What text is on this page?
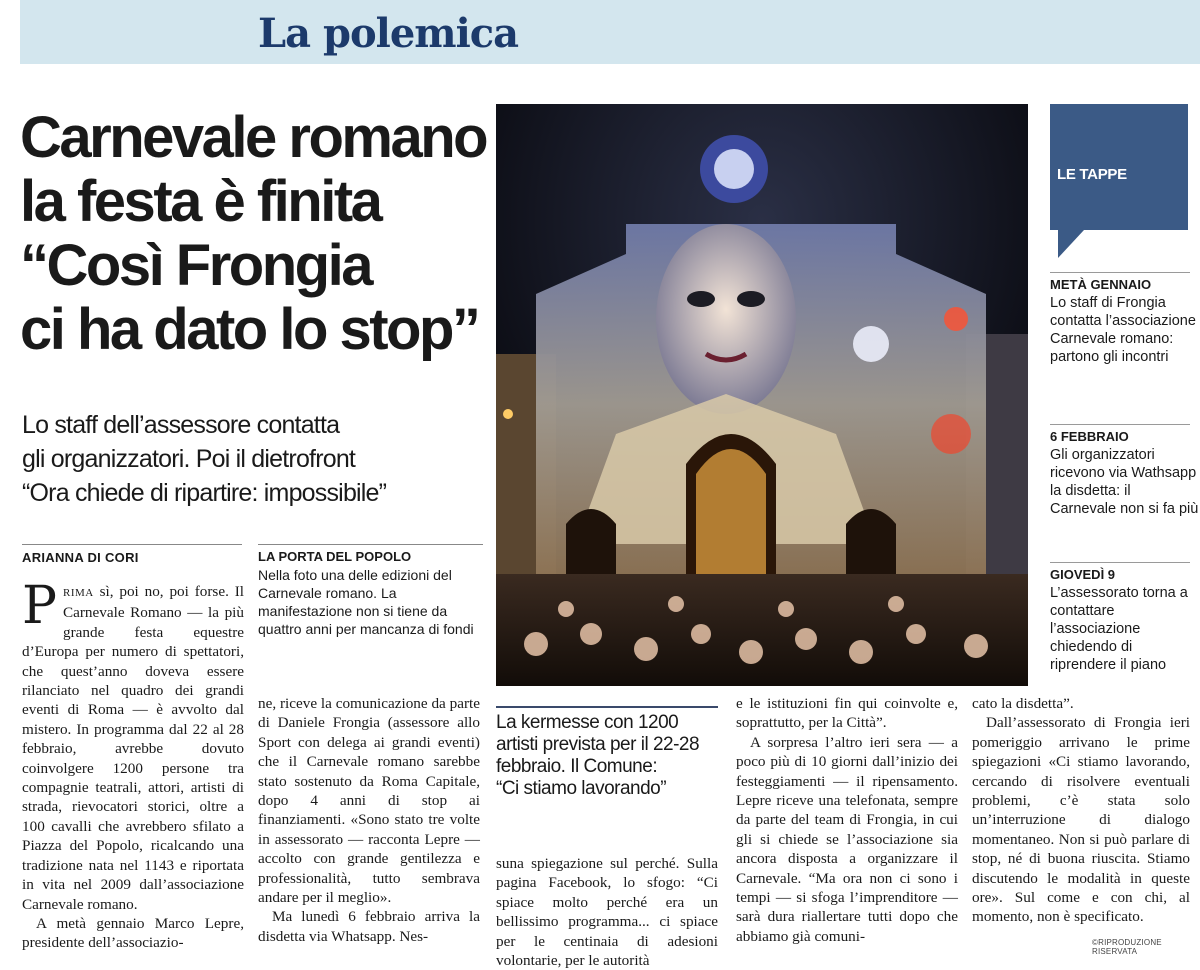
La polemica
Carnevale romano
la festa è finita
“Così Frongia
ci ha dato lo stop”
Lo staff dell’assessore contatta
gli organizzatori. Poi il dietrofront
“Ora chiede di ripartire: impossibile”
ARIANNA DI CORI

PRIMA sì, poi no, poi forse. Il Carnevale Romano — la più grande festa equestre d’Europa per numero di spettatori, che quest’anno doveva essere rilanciato nel quadro dei grandi eventi di Roma — è avvolto dal mistero. In programma dal 22 al 28 febbraio, avrebbe dovuto coinvolgere 1200 persone tra compagnie teatrali, attori, artisti di strada, rievocatori storici, oltre a 100 cavalli che avrebbero sfilato a Piazza del Popolo, ricalcando una tradizione nata nel 1143 e riportata in vita nel 2009 dall’associazione Carnevale romano.

A metà gennaio Marco Lepre, presidente dell’associazio-

LA PORTA DEL POPOLO
Nella foto una delle edizioni del Carnevale romano. La manifestazione non si tiene da quattro anni per mancanza di fondi

ne, riceve la comunicazione da parte di Daniele Frongia (assessore allo Sport con delega ai grandi eventi) che il Carnevale romano sarebbe stato sostenuto da Roma Capitale, dopo 4 anni di stop ai finanziamenti. «Sono stato tre volte in assessorato — racconta Lepre — accolto con grande gentilezza e professionalità, tutto sembrava andare per il meglio».

Ma lunedì 6 febbraio arriva la disdetta via Whatsapp. Nes-

La kermesse con 1200
artisti prevista per il 22-28
febbraio. Il Comune:
“Ci stiamo lavorando”

suna spiegazione sul perché. Sulla pagina Facebook, lo sfogo: “Ci spiace molto perché era un bellissimo programma... ci spiace per le centinaia di adesioni volontarie, per le autorità

e le istituzioni fin qui coinvolte e, soprattutto, per la Città”.

A sorpresa l’altro ieri sera — a poco più di 10 giorni dall’inizio dei festeggiamenti — il ripensamento. Lepre riceve una telefonata, sempre da parte del team di Frongia, in cui gli si chiede se l’associazione sia ancora disposta a organizzare il Carnevale. “Ma ora non ci sono i tempi — si sfoga l’imprenditore — sarà dura riallertare tutti dopo che abbiamo già comuni-

cato la disdetta”.

Dall’assessorato di Frongia ieri pomeriggio arrivano le prime spiegazioni «Ci stiamo lavorando, cercando di risolvere eventuali problemi, c’è stata solo un’interruzione di dialogo momentaneo. Non si può parlare di stop, né di buona riuscita. Stiamo discutendo le modalità in queste ore». Sul come e con chi, al momento, non è specificato.

LE TAPPE
METÀ GENNAIO
Lo staff di Frongia contatta l’associazione Carnevale romano: partono gli incontri
6 FEBBRAIO
Gli organizzatori ricevono via Wathsapp la disdetta: il Carnevale non si fa più
GIOVEDÌ 9
L’assessorato torna a contattare l’associazione chiedendo di riprendere il piano
©RIPRODUZIONE RISERVATA
